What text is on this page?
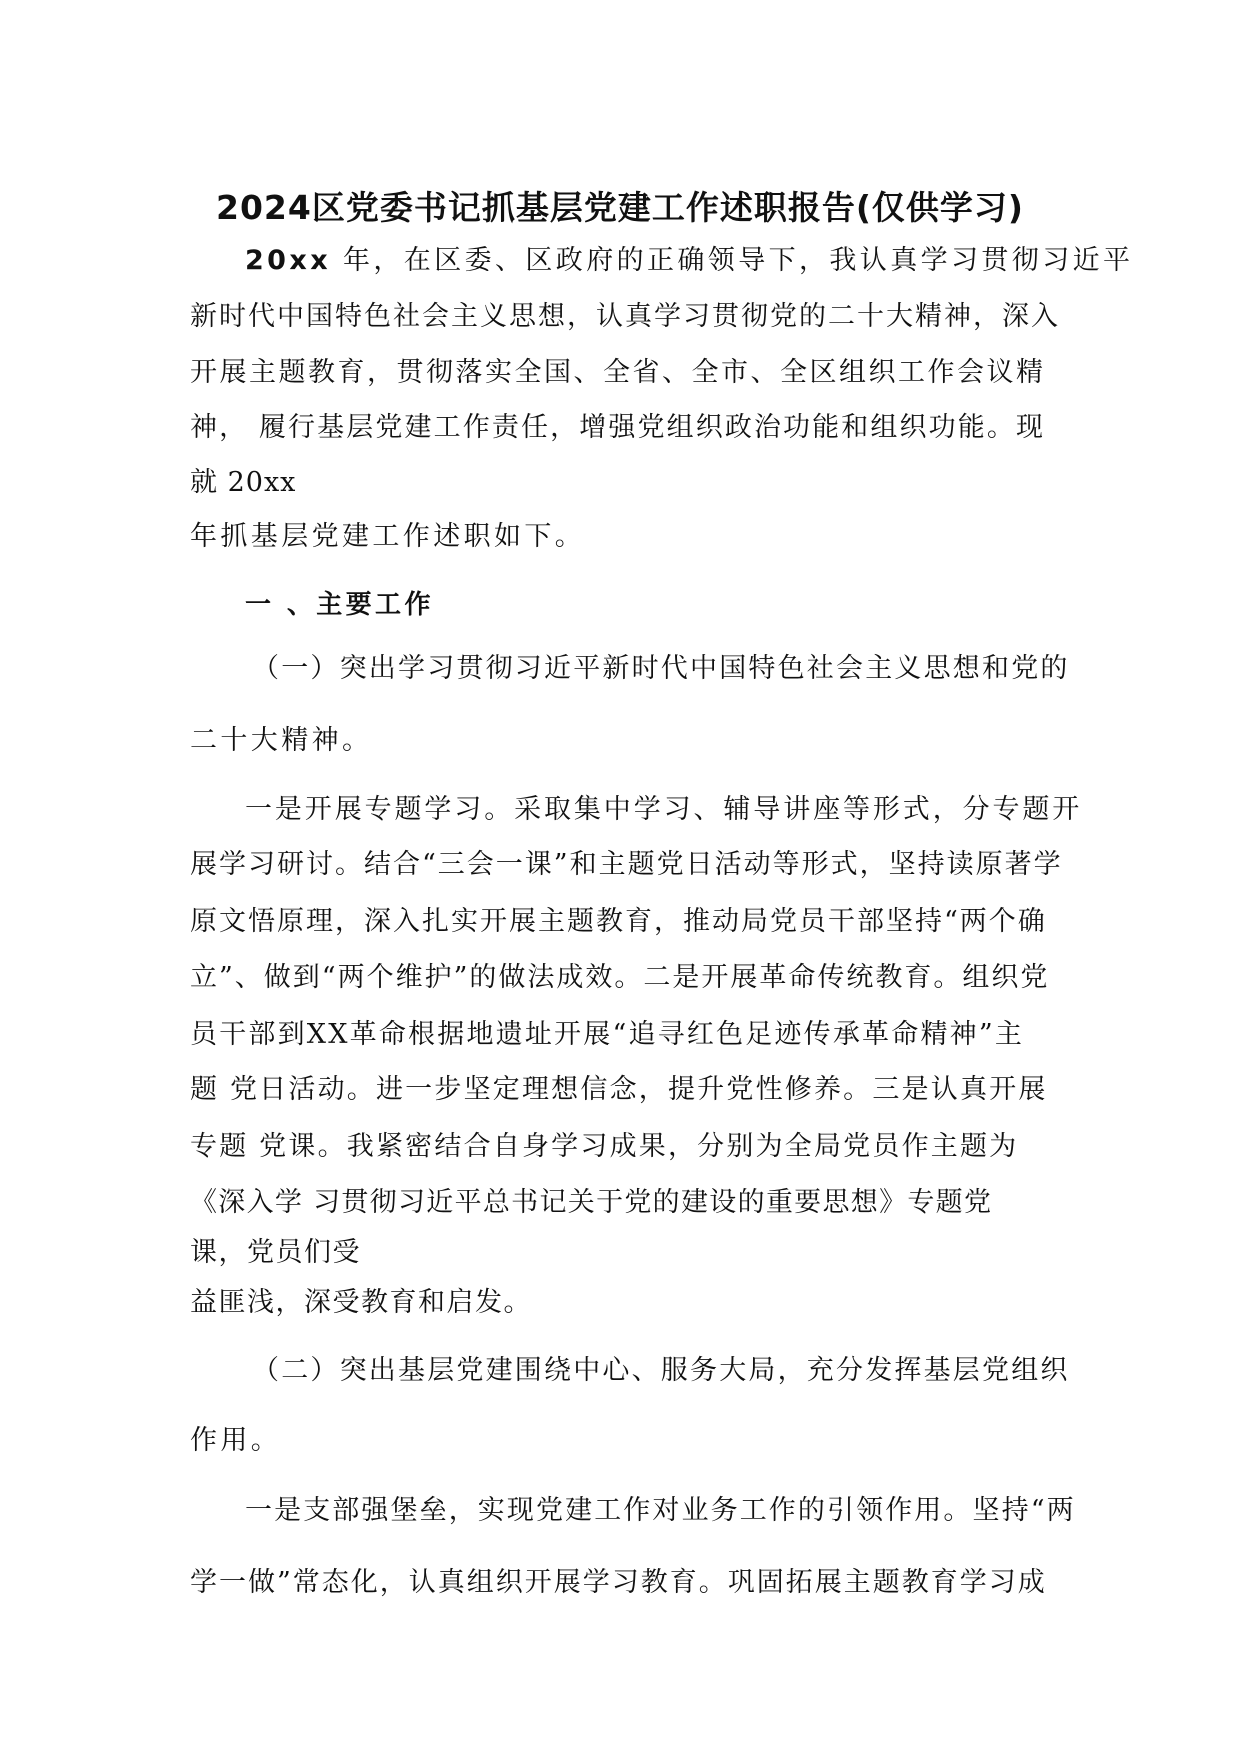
2024区党委书记抓基层党建工作述职报告(仅供学习)

20xx 年，在区委、区政府的正确领导下，我认真学习贯彻习近平

新时代中国特色社会主义思想，认真学习贯彻党的二十大精神，深入

开展主题教育，贯彻落实全国、全省、全市、全区组织工作会议精

神， 履行基层党建工作责任，增强党组织政治功能和组织功能。现

就 20xx

年抓基层党建工作述职如下。

一 、主要工作

（一）突出学习贯彻习近平新时代中国特色社会主义思想和党的

二十大精神。

一是开展专题学习。采取集中学习、辅导讲座等形式，分专题开

展学习研讨。结合“三会一课”和主题党日活动等形式，坚持读原著学

原文悟原理，深入扎实开展主题教育，推动局党员干部坚持“两个确

立”、做到“两个维护”的做法成效。二是开展革命传统教育。组织党

员干部到XX革命根据地遗址开展“追寻红色足迹传承革命精神”主

题 党日活动。进一步坚定理想信念，提升党性修养。三是认真开展

专题 党课。我紧密结合自身学习成果，分别为全局党员作主题为

《深入学 习贯彻习近平总书记关于党的建设的重要思想》专题党

课，党员们受

益匪浅，深受教育和启发。

（二）突出基层党建围绕中心、服务大局，充分发挥基层党组织

作用。

一是支部强堡垒，实现党建工作对业务工作的引领作用。坚持“两

学一做”常态化，认真组织开展学习教育。巩固拓展主题教育学习成
